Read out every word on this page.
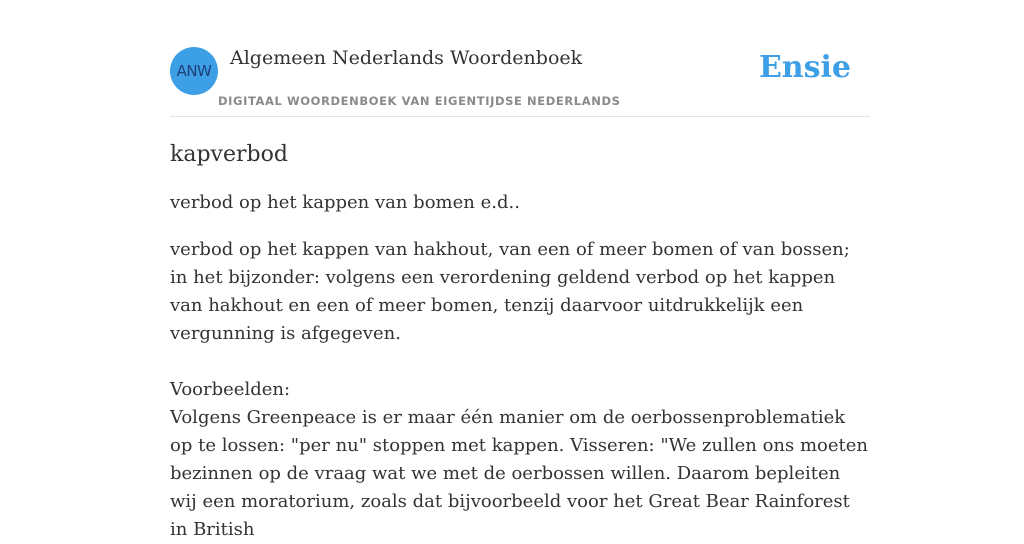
ANW
Algemeen Nederlands Woordenboek
DIGITAAL WOORDENBOEK VAN EIGENTIJDSE NEDERLANDS
Ensie
kapverbod

verbod op het kappen van bomen e.d..

verbod op het kappen van hakhout, van een of meer bomen of van bossen; in het bijzonder: volgens een verordening geldend verbod op het kappen van hakhout en een of meer bomen, tenzij daarvoor uitdrukkelijk een vergunning is afgegeven.

Voorbeelden:

Volgens Greenpeace is er maar één manier om de oerbossenproblematiek op te lossen: "per nu" stoppen met kappen. Visseren: "We zullen ons moeten bezinnen op de vraag wat we met de oerbossen willen. Daarom bepleiten wij een moratorium, zoals dat bijvoorbeeld voor het Great Bear Rainforest in British
